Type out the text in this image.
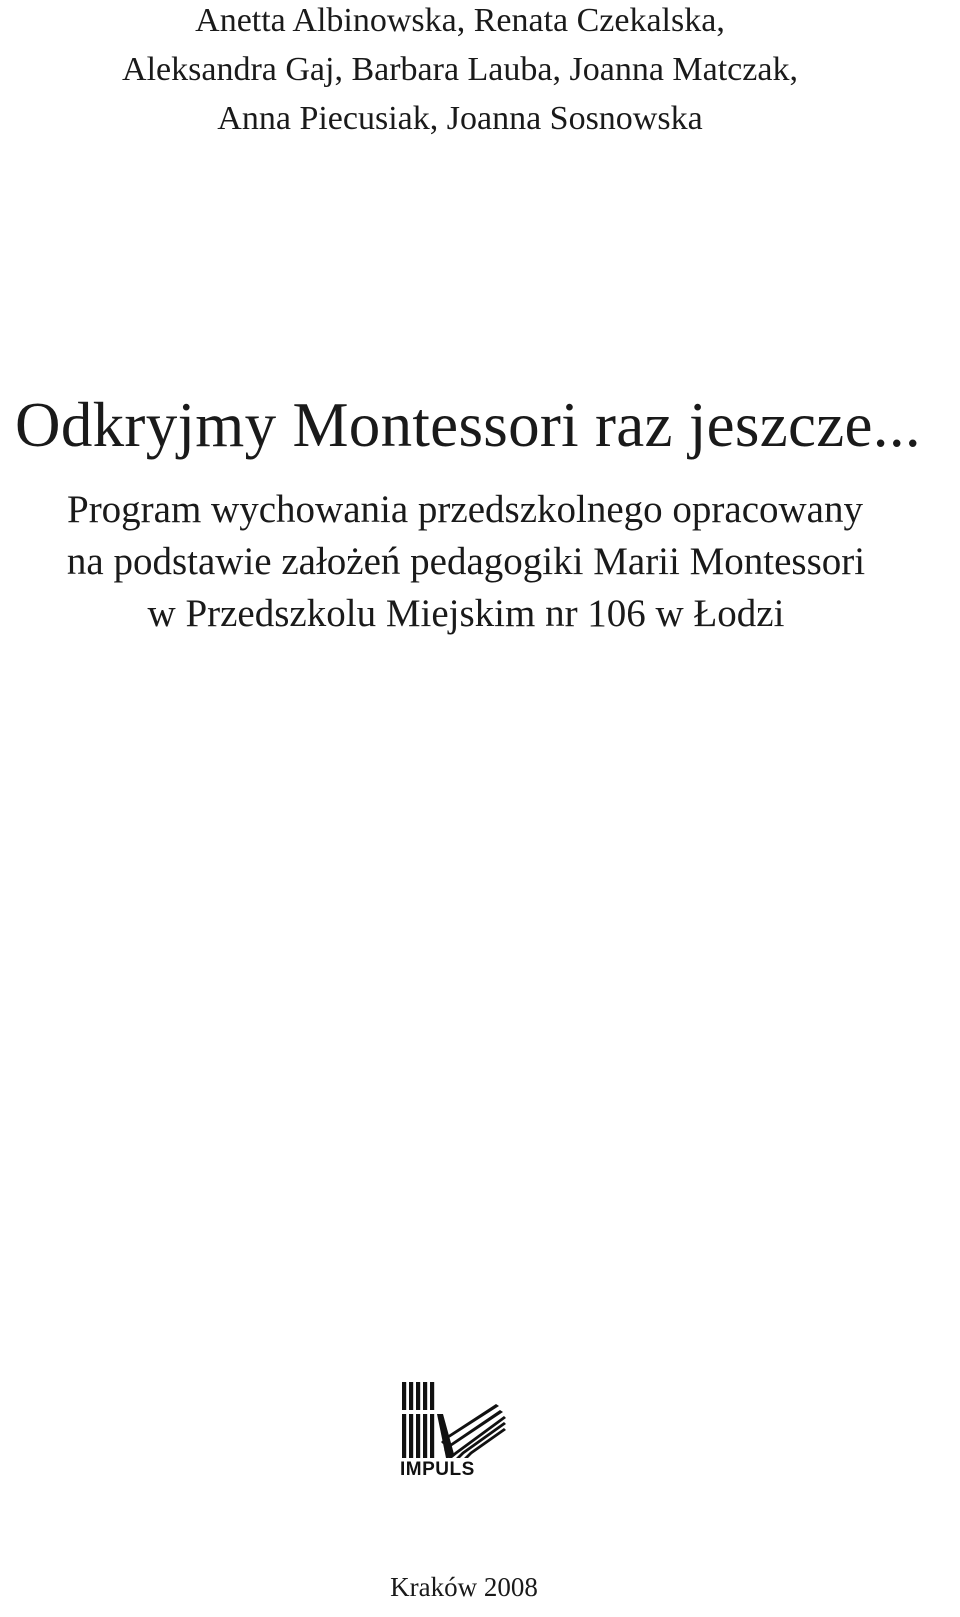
Anetta Albinowska, Renata Czekalska,
Aleksandra Gaj, Barbara Lauba, Joanna Matczak,
Anna Piecusiak, Joanna Sosnowska
Odkryjmy Montessori raz jeszcze...
Program wychowania przedszkolnego opracowany
na podstawie założeń pedagogiki Marii Montessori
w Przedszkolu Miejskim nr 106 w Łodzi
IMPULS
Kraków 2008
